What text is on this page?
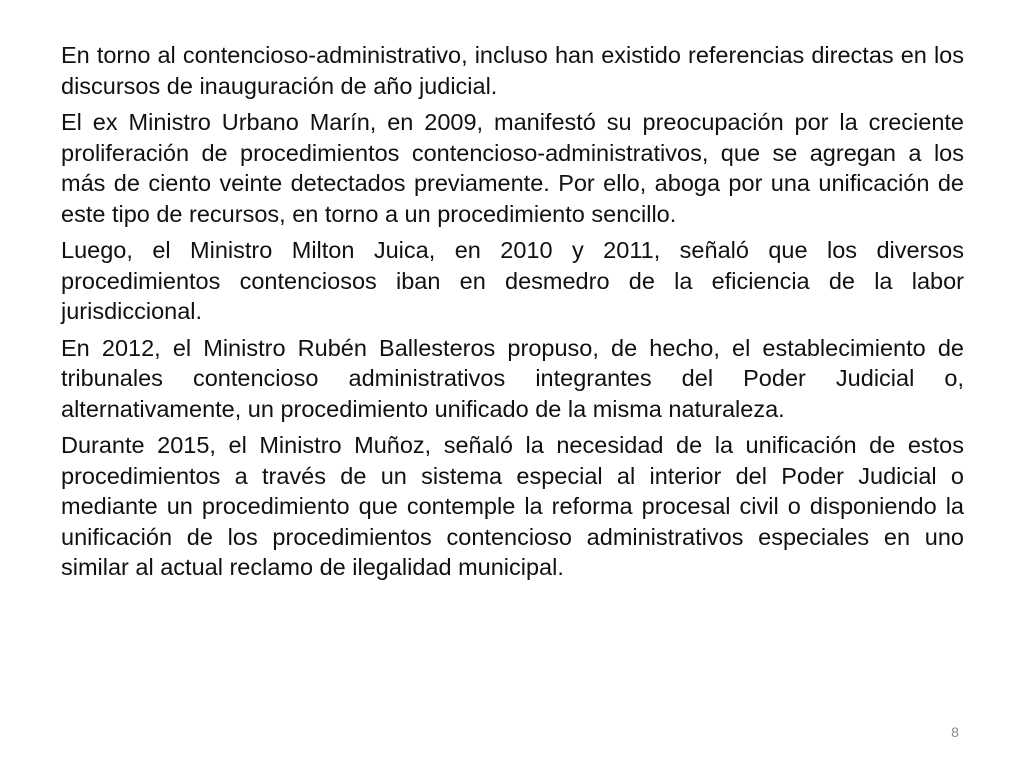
En torno al contencioso-administrativo, incluso han existido referencias directas en los discursos de inauguración de año judicial.

El ex Ministro Urbano Marín, en 2009, manifestó su preocupación por la creciente proliferación de procedimientos contencioso-administrativos, que se agregan a los más de ciento veinte detectados previamente. Por ello, aboga por una unificación de este tipo de recursos, en torno a un procedimiento sencillo.

Luego, el Ministro Milton Juica, en 2010 y 2011, señaló que los diversos procedimientos contenciosos iban en desmedro de la eficiencia de la labor jurisdiccional.

En 2012, el Ministro Rubén Ballesteros propuso, de hecho, el establecimiento de tribunales contencioso administrativos integrantes del Poder Judicial o, alternativamente, un procedimiento unificado de la misma naturaleza.

Durante 2015, el Ministro Muñoz, señaló la necesidad de la unificación de estos procedimientos a través de un sistema especial al interior del Poder Judicial o mediante un procedimiento que contemple la reforma procesal civil o disponiendo la unificación de los procedimientos contencioso administrativos especiales en uno similar al actual reclamo de ilegalidad municipal.

8
